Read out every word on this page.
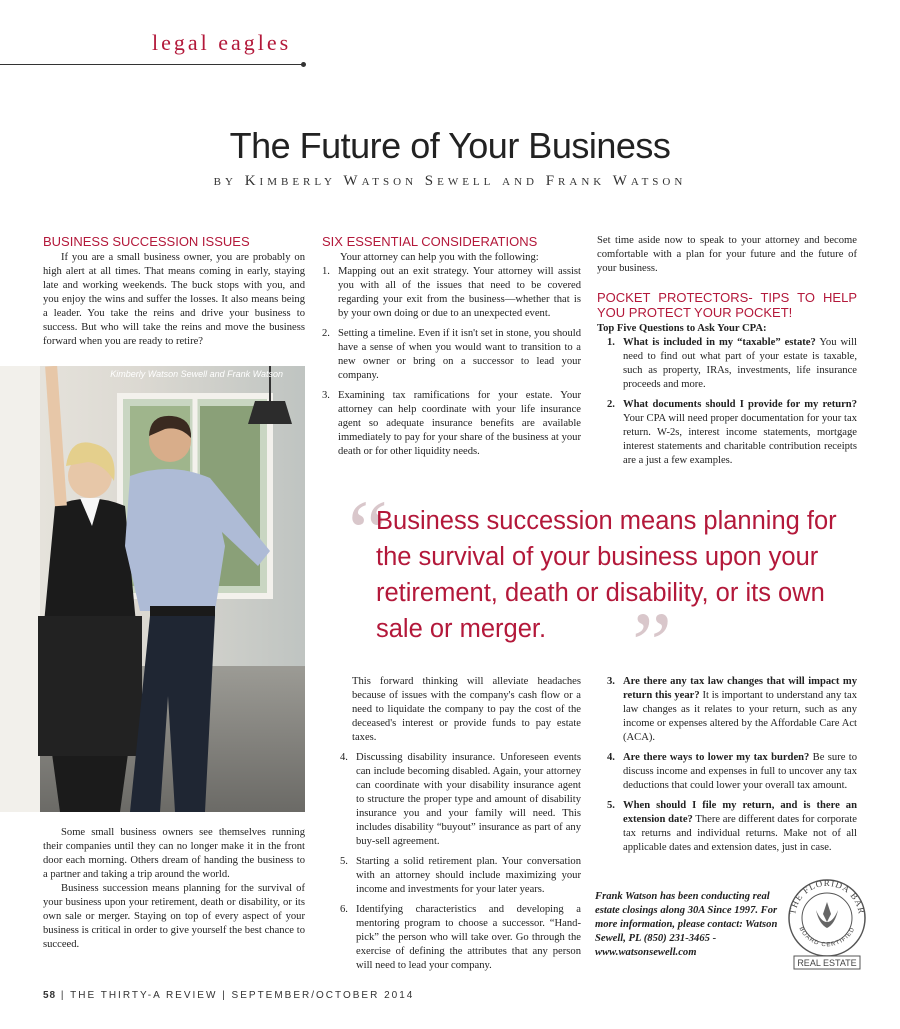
legal eagles
The Future of Your Business
by Kimberly Watson Sewell and Frank Watson
BUSINESS SUCCESSION ISSUES

If you are a small business owner, you are probably on high alert at all times. That means coming in early, staying late and working weekends. The buck stops with you, and you enjoy the wins and suffer the losses. It also means being a leader. You take the reins and drive your business to success. But who will take the reins and move the business forward when you are ready to retire?

Kimberly Watson Sewell and Frank Watson

Some small business owners see themselves running their companies until they can no longer make it in the front door each morning. Others dream of handing the business to a partner and taking a trip around the world.

Business succession means planning for the survival of your business upon your retirement, death or disability, or its own sale or merger. Staying on top of every aspect of your business is critical in order to give yourself the best chance to succeed.

SIX ESSENTIAL CONSIDERATIONS

Your attorney can help you with the following:

1. Mapping out an exit strategy. Your attorney will assist you with all of the issues that need to be covered regarding your exit from the business—whether that is by your own doing or due to an unexpected event.
2. Setting a timeline. Even if it isn't set in stone, you should have a sense of when you would want to transition to a new owner or bring on a successor to lead your company.
3. Examining tax ramifications for your estate. Your attorney can help coordinate with your life insurance agent so adequate insurance benefits are available immediately to pay for your share of the business at your death or for other liquidity needs.

Set time aside now to speak to your attorney and become comfortable with a plan for your future and the future of your business.

POCKET PROTECTORS- TIPS TO HELP YOU PROTECT YOUR POCKET!

Top Five Questions to Ask Your CPA:

1. What is included in my “taxable” estate? You will need to find out what part of your estate is taxable, such as property, IRAs, investments, life insurance proceeds and more.
2. What documents should I provide for my return? Your CPA will need proper documentation for your tax return. W-2s, interest income statements, mortgage interest statements and charitable contribution receipts are a just a few examples.
“
Business succession means planning for the survival of your business upon your retirement, death or disability, or its own sale or merger. ”

This forward thinking will alleviate headaches because of issues with the company's cash flow or a need to liquidate the company to pay the cost of the deceased's interest or provide funds to pay estate taxes.

4. Discussing disability insurance. Unforeseen events can include becoming disabled. Again, your attorney can coordinate with your disability insurance agent to structure the proper type and amount of disability insurance you and your family will need. This includes disability “buyout” insurance as part of any buy-sell agreement.
5. Starting a solid retirement plan. Your conversation with an attorney should include maximizing your income and investments for your later years.
6. Identifying characteristics and developing a mentoring program to choose a successor. “Hand-pick” the person who will take over. Go through the exercise of defining the attributes that any person will need to lead your company.
3. Are there any tax law changes that will impact my return this year? It is important to understand any tax law changes as it relates to your return, such as any income or expenses altered by the Affordable Care Act (ACA).
4. Are there ways to lower my tax burden? Be sure to discuss income and expenses in full to uncover any tax deductions that could lower your overall tax amount.
5. When should I file my return, and is there an extension date? There are different dates for corporate tax returns and individual returns. Make not of all applicable dates and extension dates, just in case.
Frank Watson has been conducting real estate closings along 30A Since 1997. For more information, please contact: Watson Sewell, PL (850) 231-3465 - www.watsonsewell.com
THE FLORIDA BAR
BOARD CERTIFIED
REAL ESTATE
58 | THE THIRTY-A REVIEW | SEPTEMBER/OCTOBER 2014
